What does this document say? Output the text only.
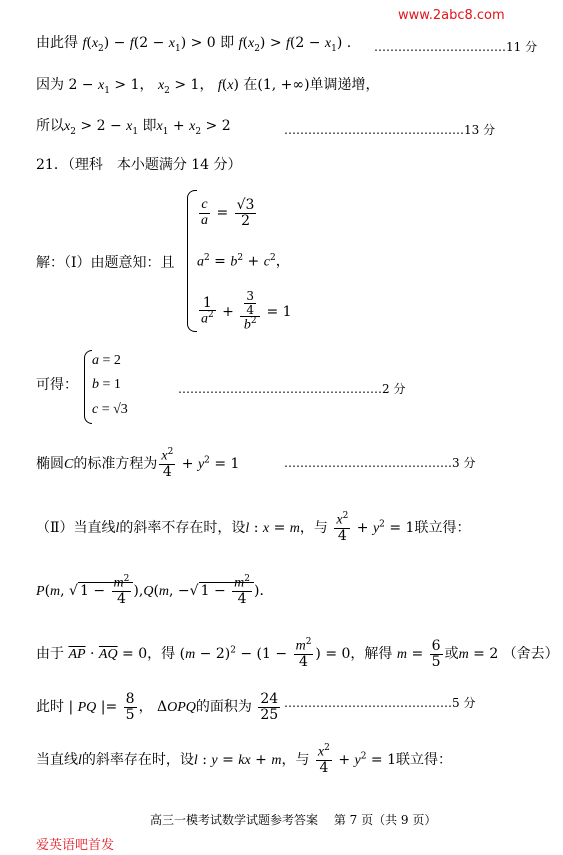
www.2abc8.com
由此得 $f(x_2) - f(2 - x_1) > 0$ 即 $f(x_2) > f(2 - x_1)$ . ……………………………11 分
因为 $2 - x_1 > 1$， $x_2 > 1$， f(x) 在(1, +∞)单调递增，
所以$x_2 > 2 - x_1$ 即$x_1 + x_2 > 2$	………………………………………13 分
21．（理科　本小题满分 14 分）
解：（Ⅰ）由题意知：且
$\frac{c}{a} = \frac{√3}{2}$
$a^2 = b^2 + c^2$，
$\frac{1}{a^2} + \frac{\frac{3}{4}}{b^2} = 1$
可得：
a = 2
b = 1
c = √3
……………………………………………2 分
椭圆C的标准方程为 $\frac{x^2}{4} + y^2 = 1$	……………………………………3 分
（Ⅱ）当直线l的斜率不存在时，设l : x = m，与 $\frac{x^2}{4} + y^2 = 1$联立得：
P(m, √ $1 - \frac{m^2}{4} ),Q(m$, −√ $1 - \frac{m^2}{4}$ )．
由于 $\overline{AP} \cdot \overline{AQ} = 0$，得 $(m - 2)^2 - (1 - \frac{m^2}{4}$ ) = 0，解得 $m = \frac{6}{5}$ 或m = 2 （舍去）
此时 | PQ |= $\frac{8}{5}$ ， ΔOPQ的面积为 $\frac{24}{25}$ ……………………………………5 分
当直线l的斜率存在时，设l : y = kx + m，与 $\frac{x^2}{4} + y^2 = 1$联立得：
高三一模考试数学试题参考答案　 第 7 页（共 9 页）
爱英语吧首发
